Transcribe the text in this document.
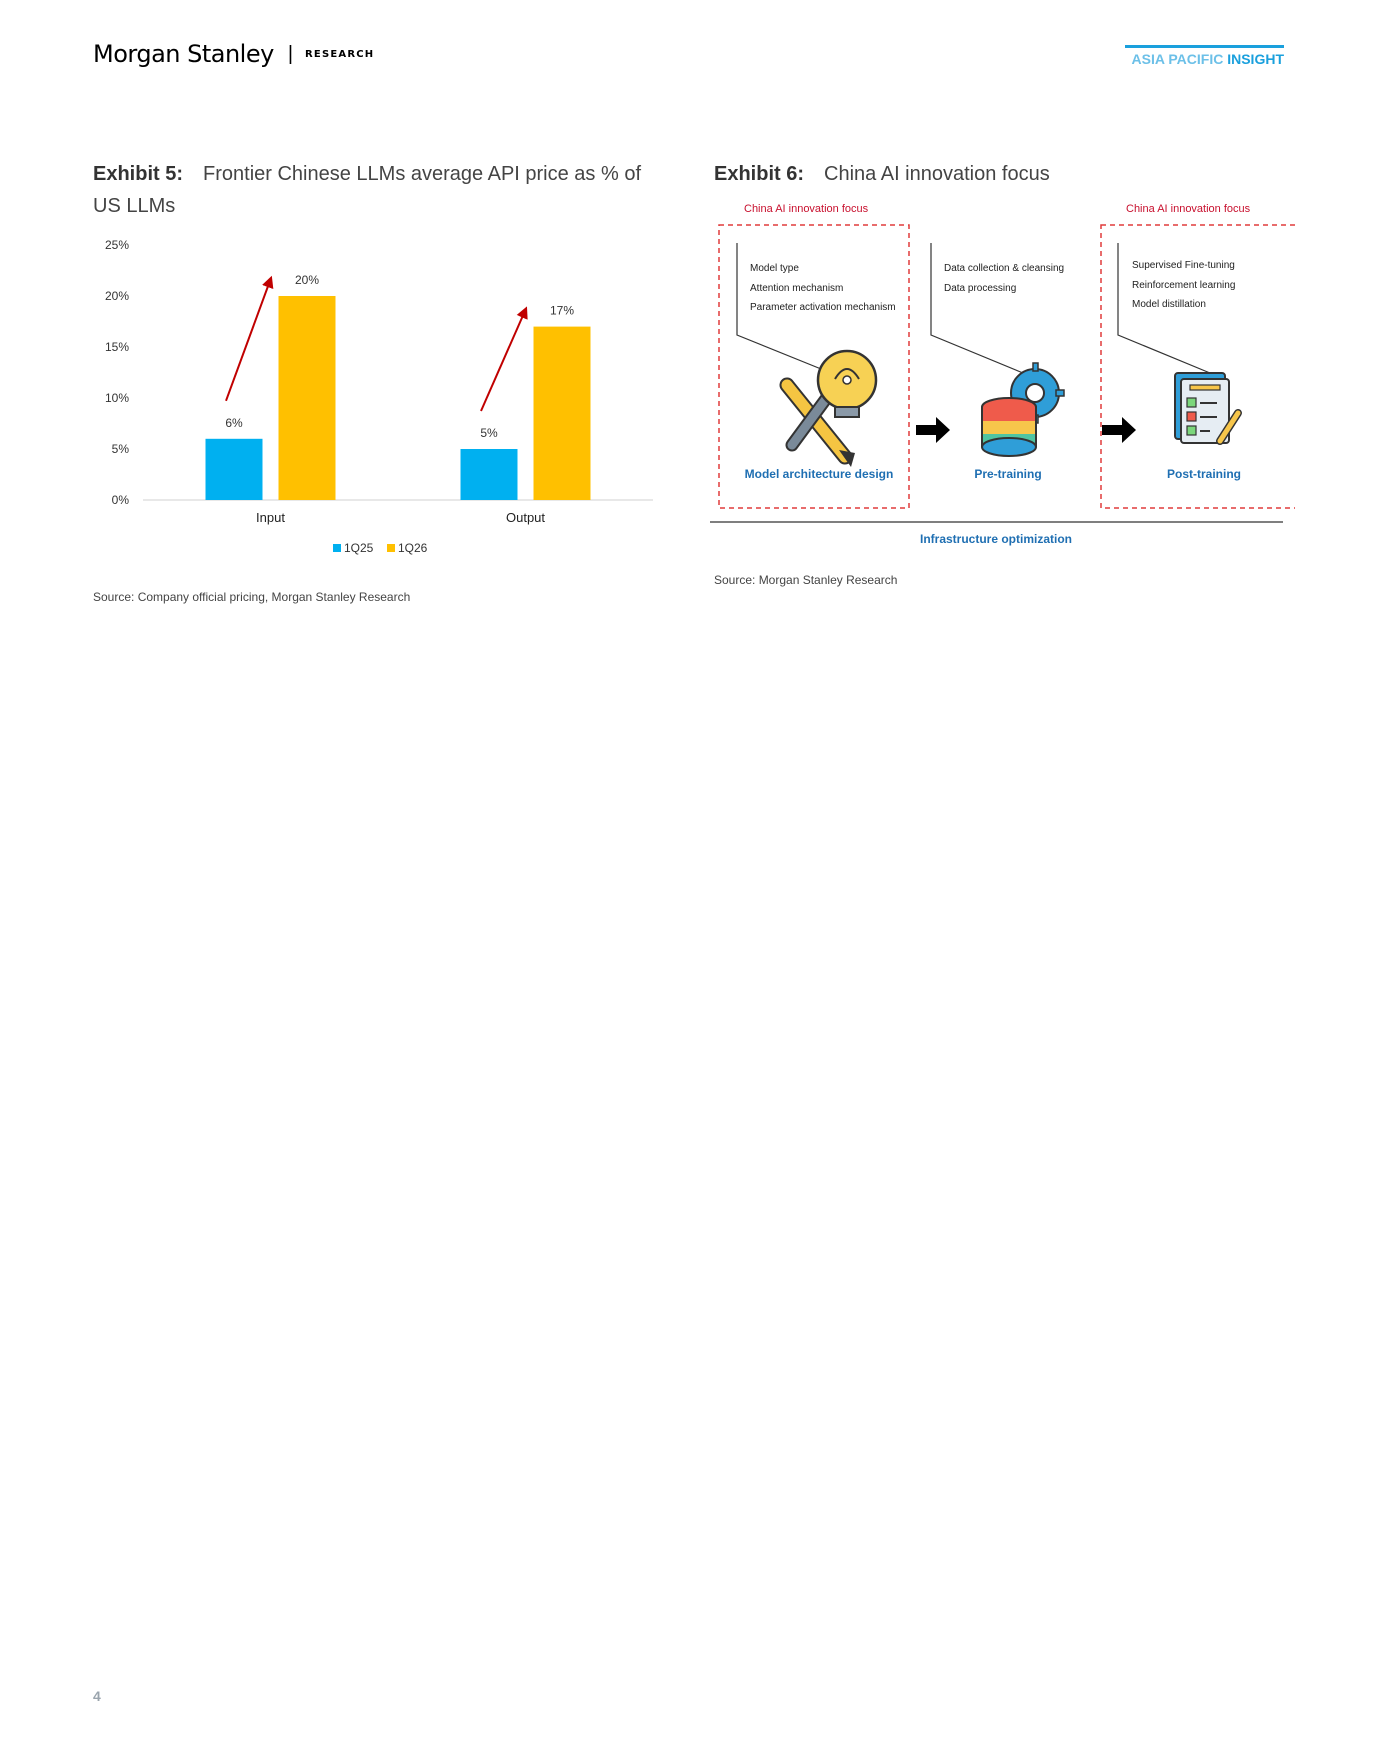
Morgan Stanley | RESEARCH	ASIA PACIFIC INSIGHT
Exhibit 5: Frontier Chinese LLMs average API price as % of US LLMs
0%
5%
10%
15%
20%
25%
Input
6%
20%
Output
5%
17%
1Q25 1Q26
Source: Company official pricing, Morgan Stanley Research
Exhibit 6: China AI innovation focus
China AI innovation focus	China AI innovation focus
Model type
Attention mechanism
Parameter activation mechanism
Data collection & cleansing
Data processing
Supervised Fine-tuning
Reinforcement learning
Model distillation
Model architecture design	Pre-training	Post-training
Infrastructure optimization
Source: Morgan Stanley Research
4
